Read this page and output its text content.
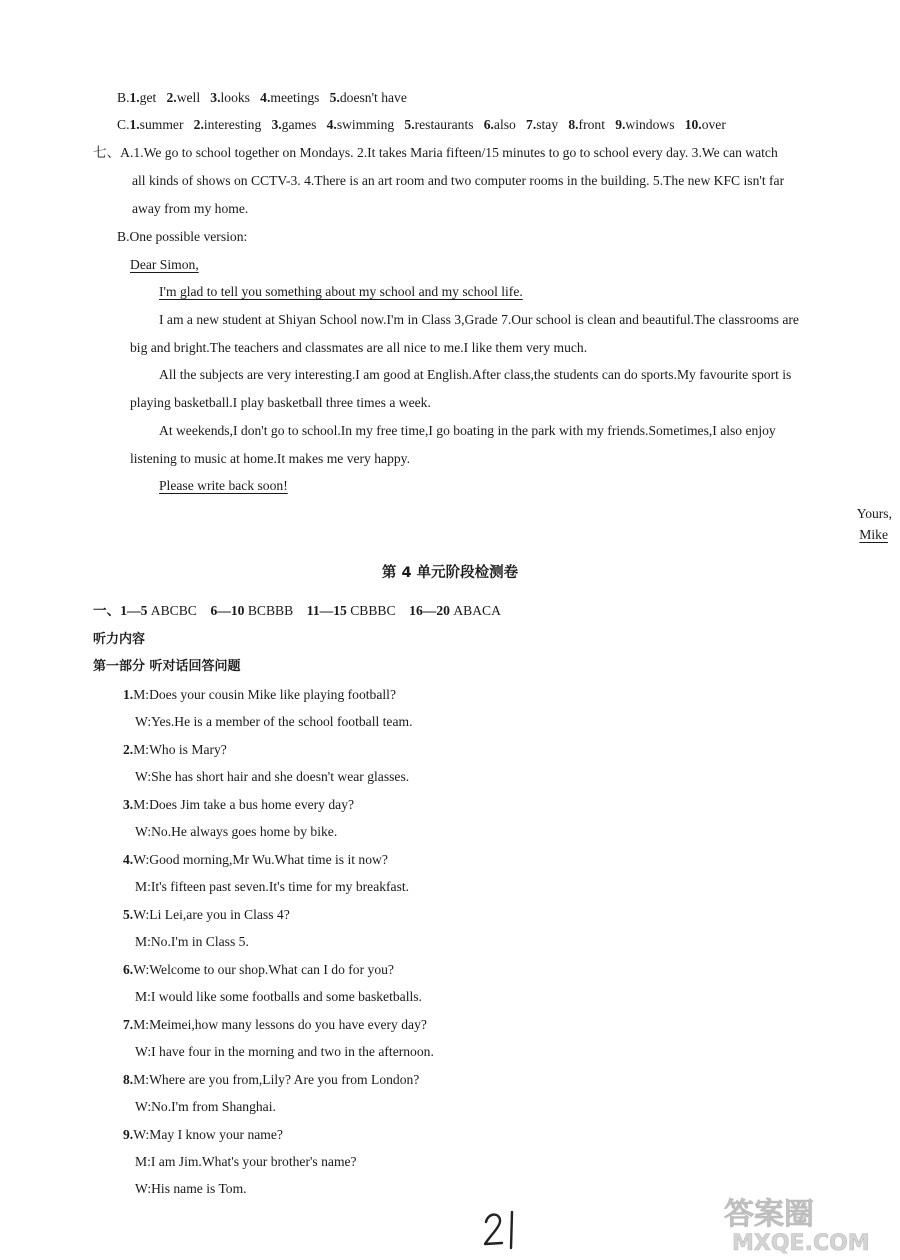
B.1.get 2.well 3.looks 4.meetings 5.doesn't have
C.1.summer 2.interesting 3.games 4.swimming 5.restaurants 6.also 7.stay 8.front 9.windows 10.over
七、A.1.We go to school together on Mondays. 2.It takes Maria fifteen/15 minutes to go to school every day. 3.We can watch
all kinds of shows on CCTV-3. 4.There is an art room and two computer rooms in the building. 5.The new KFC isn't far
away from my home.
B.One possible version:
Dear Simon,
I'm glad to tell you something about my school and my school life.
I am a new student at Shiyan School now.I'm in Class 3,Grade 7.Our school is clean and beautiful.The classrooms are
big and bright.The teachers and classmates are all nice to me.I like them very much.
All the subjects are very interesting.I am good at English.After class,the students can do sports.My favourite sport is
playing basketball.I play basketball three times a week.
At weekends,I don't go to school.In my free time,I go boating in the park with my friends.Sometimes,I also enjoy
listening to music at home.It makes me very happy.
Please write back soon!
Yours,
Mike
第 4 单元阶段检测卷
一、1—5 ABCBC 6—10 BCBBB 11—15 CBBBC 16—20 ABACA
听力内容
第一部分 听对话回答问题
1.M:Does your cousin Mike like playing football?
W:Yes.He is a member of the school football team.
2.M:Who is Mary?
W:She has short hair and she doesn't wear glasses.
3.M:Does Jim take a bus home every day?
W:No.He always goes home by bike.
4.W:Good morning,Mr Wu.What time is it now?
M:It's fifteen past seven.It's time for my breakfast.
5.W:Li Lei,are you in Class 4?
M:No.I'm in Class 5.
6.W:Welcome to our shop.What can I do for you?
M:I would like some footballs and some basketballs.
7.M:Meimei,how many lessons do you have every day?
W:I have four in the morning and two in the afternoon.
8.M:Where are you from,Lily? Are you from London?
W:No.I'm from Shanghai.
9.W:May I know your name?
M:I am Jim.What's your brother's name?
W:His name is Tom.
答案圈
MXQE.COM
